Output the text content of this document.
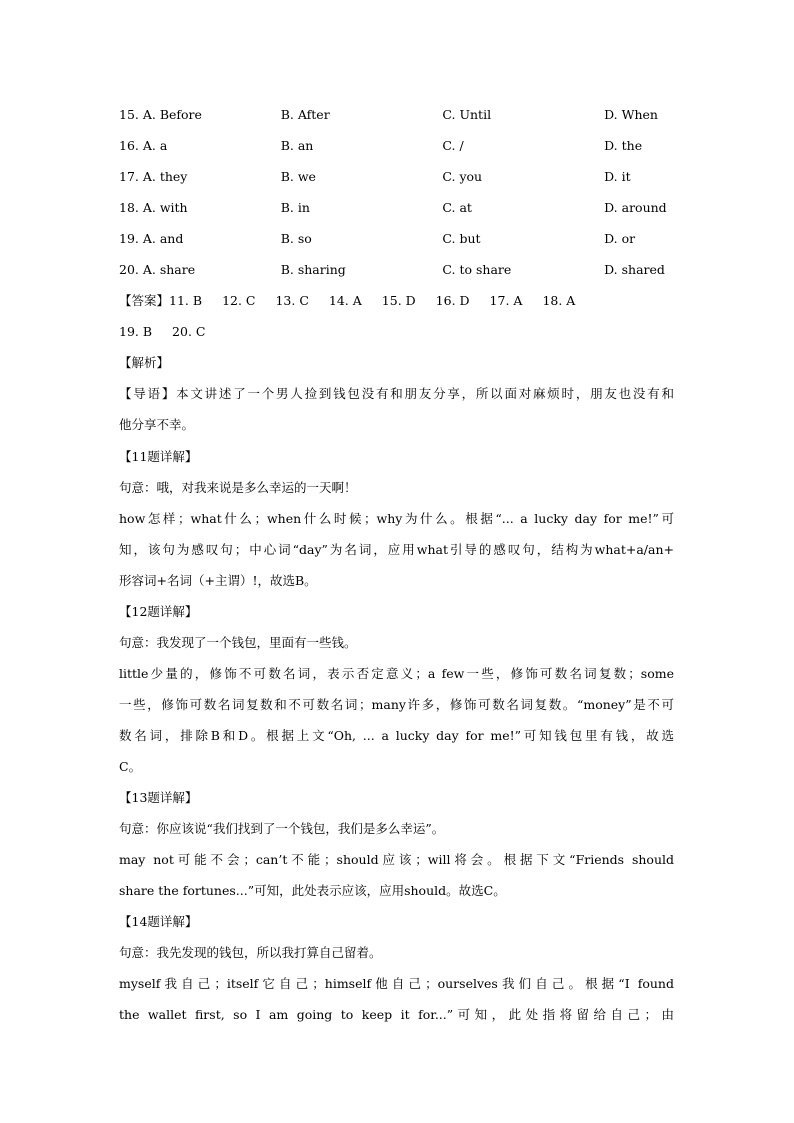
15. A. Before	B. After	C. Until	D. When
16. A. a	B. an	C. /	D. the
17. A. they	B. we	C. you	D. it
18. A. with	B. in	C. at	D. around
19. A. and	B. so	C. but	D. or
20. A. share	B. sharing	C. to share	D. shared
【答案】11. B 12. C 13. C 14. A 15. D 16. D 17. A 18. A
19. B 20. C
【解析】
【导语】本文讲述了一个男人捡到钱包没有和朋友分享，所以面对麻烦时，朋友也没有和
他分享不幸。
【11题详解】
句意：哦，对我来说是多么幸运的一天啊！
how怎样；what什么；when什么时候；why为什么。根据“... a lucky day for me!”可
知，该句为感叹句；中心词“day”为名词，应用what引导的感叹句，结构为what+a/an+
形容词+名词（+主谓）!，故选B。
【12题详解】
句意：我发现了一个钱包，里面有一些钱。
little少量的，修饰不可数名词，表示否定意义；a few一些，修饰可数名词复数；some
一些，修饰可数名词复数和不可数名词；many许多，修饰可数名词复数。“money”是不可
数名词，排除B和D。根据上文“Oh, ... a lucky day for me!”可知钱包里有钱，故选
C。
【13题详解】
句意：你应该说“我们找到了一个钱包，我们是多么幸运”。
may not可能不会；can’t不能；should应该；will将会。根据下文“Friends should
share the fortunes...”可知，此处表示应该，应用should。故选C。
【14题详解】
句意：我先发现的钱包，所以我打算自己留着。
myself我自己；itself它自己；himself他自己；ourselves我们自己。根据“I found
the wallet first, so I am going to keep it for...”可知，此处指将留给自己；由
